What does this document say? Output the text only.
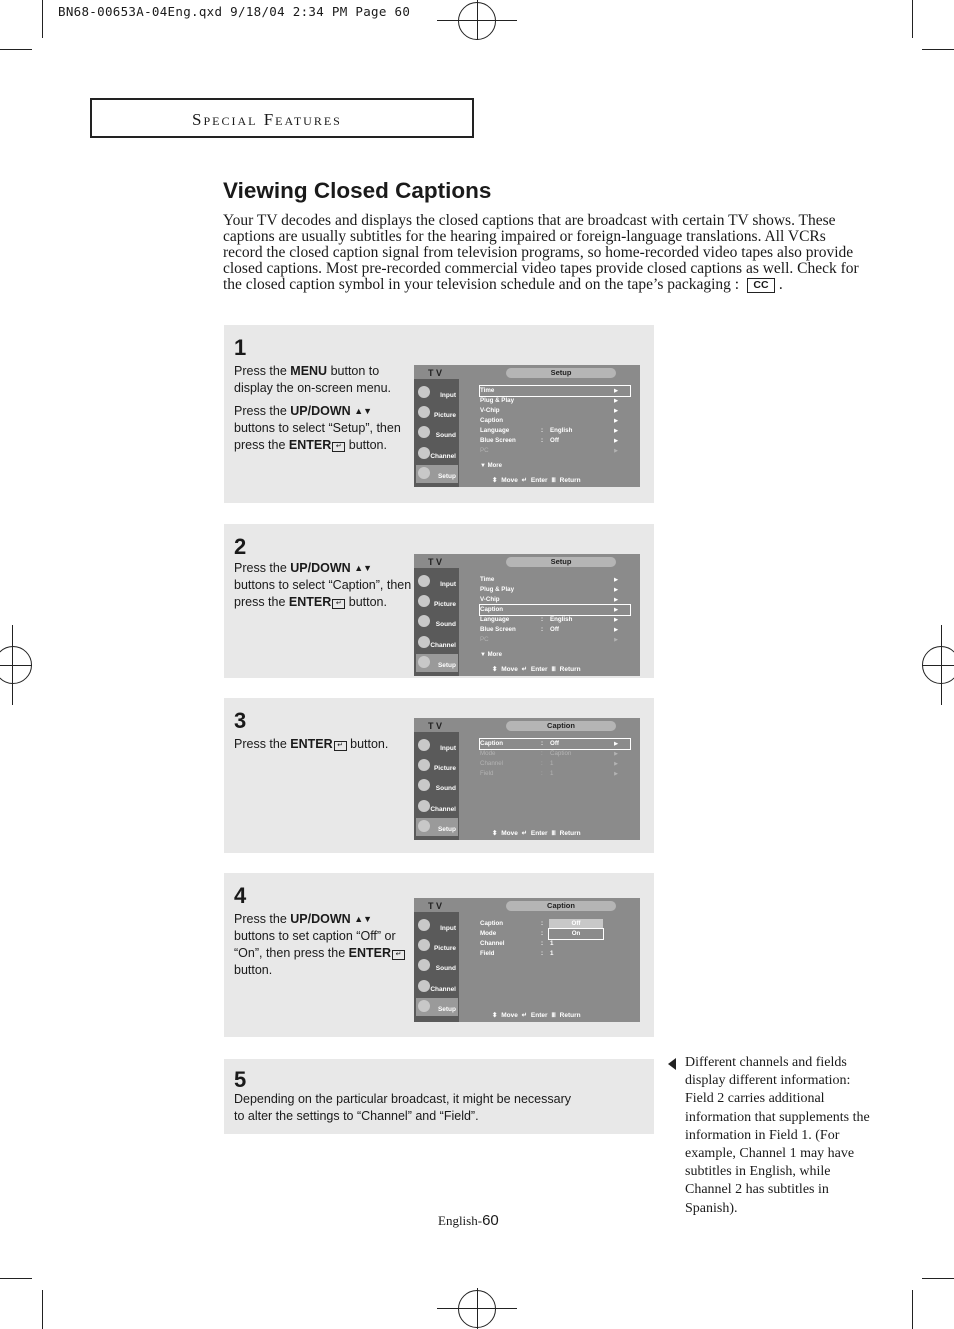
BN68-00653A-04Eng.qxd 9/18/04 2:34 PM Page 60
Special Features
Viewing Closed Captions
Your TV decodes and displays the closed captions that are broadcast with certain TV shows. These captions are usually subtitles for the hearing impaired or foreign-language translations. All VCRs record the closed caption signal from television programs, so home-recorded video tapes also provide closed captions. Most pre-recorded commercial video tapes provide closed captions as well. Check for the closed caption symbol in your television schedule and on the tape’s packaging : CC .
1
Press the MENU button to display the on-screen menu.
Press the UP/DOWN ▲▼ buttons to select “Setup”, then press the ENTER ↵ button.
T V	Setup
Input
Picture
Sound
Channel
Setup
Time	▶
Plug & Play	▶
V-Chip	▶
Caption	▶
Language	: English	▶
Blue Screen	: Off	▶
PC	▶
▼ More
⬍ Move ↵ Enter Ⅲ Return
2
Press the UP/DOWN ▲▼ buttons to select “Caption”, then press the ENTER ↵ button.
T V	Setup
Input
Picture
Sound
Channel
Setup
Time	▶
Plug & Play	▶
V-Chip	▶
Caption	▶
Language	: English	▶
Blue Screen	: Off	▶
PC	▶
▼ More
⬍ Move ↵ Enter Ⅲ Return
3
Press the ENTER ↵ button.
T V	Caption
Input
Picture
Sound
Channel
Setup
Caption	: Off	▶
Mode	: Caption	▶
Channel	: 1	▶
Field	: 1	▶
⬍ Move ↵ Enter Ⅲ Return
4
Press the UP/DOWN ▲▼ buttons to set caption “Off” or “On”, then press the ENTER ↵ button.
T V	Caption
Input
Picture
Sound
Channel
Setup
Caption	:	Off
Mode	:	On
Channel	: 1
Field	: 1
⬍ Move ↵ Enter Ⅲ Return
5
Depending on the particular broadcast, it might be necessary to alter the settings to “Channel” and “Field”.
Different channels and fields display different information: Field 2 carries additional information that supplements the information in Field 1. (For example, Channel 1 may have subtitles in English, while Channel 2 has subtitles in Spanish).
English-60
